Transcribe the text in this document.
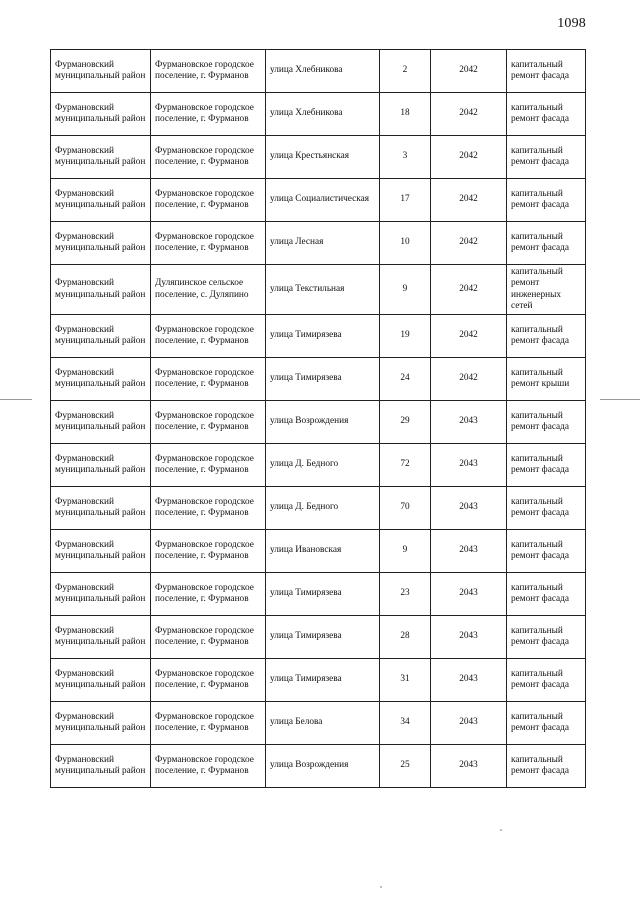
1098
Фурмановский муниципальный район	Фурмановское городское поселение, г. Фурманов	улица Хлебникова	2	2042	капитальный ремонт фасада
Фурмановский муниципальный район	Фурмановское городское поселение, г. Фурманов	улица Хлебникова	18	2042	капитальный ремонт фасада
Фурмановский муниципальный район	Фурмановское городское поселение, г. Фурманов	улица Крестьянская	3	2042	капитальный ремонт фасада
Фурмановский муниципальный район	Фурмановское городское поселение, г. Фурманов	улица Социалистическая	17	2042	капитальный ремонт фасада
Фурмановский муниципальный район	Фурмановское городское поселение, г. Фурманов	улица Лесная	10	2042	капитальный ремонт фасада
Фурмановский муниципальный район	Дуляпинское сельское поселение, с. Дуляпино	улица Текстильная	9	2042	капитальный ремонт инженерных сетей
Фурмановский муниципальный район	Фурмановское городское поселение, г. Фурманов	улица Тимирязева	19	2042	капитальный ремонт фасада
Фурмановский муниципальный район	Фурмановское городское поселение, г. Фурманов	улица Тимирязева	24	2042	капитальный ремонт крыши
Фурмановский муниципальный район	Фурмановское городское поселение, г. Фурманов	улица Возрождения	29	2043	капитальный ремонт фасада
Фурмановский муниципальный район	Фурмановское городское поселение, г. Фурманов	улица Д. Бедного	72	2043	капитальный ремонт фасада
Фурмановский муниципальный район	Фурмановское городское поселение, г. Фурманов	улица Д. Бедного	70	2043	капитальный ремонт фасада
Фурмановский муниципальный район	Фурмановское городское поселение, г. Фурманов	улица Ивановская	9	2043	капитальный ремонт фасада
Фурмановский муниципальный район	Фурмановское городское поселение, г. Фурманов	улица Тимирязева	23	2043	капитальный ремонт фасада
Фурмановский муниципальный район	Фурмановское городское поселение, г. Фурманов	улица Тимирязева	28	2043	капитальный ремонт фасада
Фурмановский муниципальный район	Фурмановское городское поселение, г. Фурманов	улица Тимирязева	31	2043	капитальный ремонт фасада
Фурмановский муниципальный район	Фурмановское городское поселение, г. Фурманов	улица Белова	34	2043	капитальный ремонт фасада
Фурмановский муниципальный район	Фурмановское городское поселение, г. Фурманов	улица Возрождения	25	2043	капитальный ремонт фасада
